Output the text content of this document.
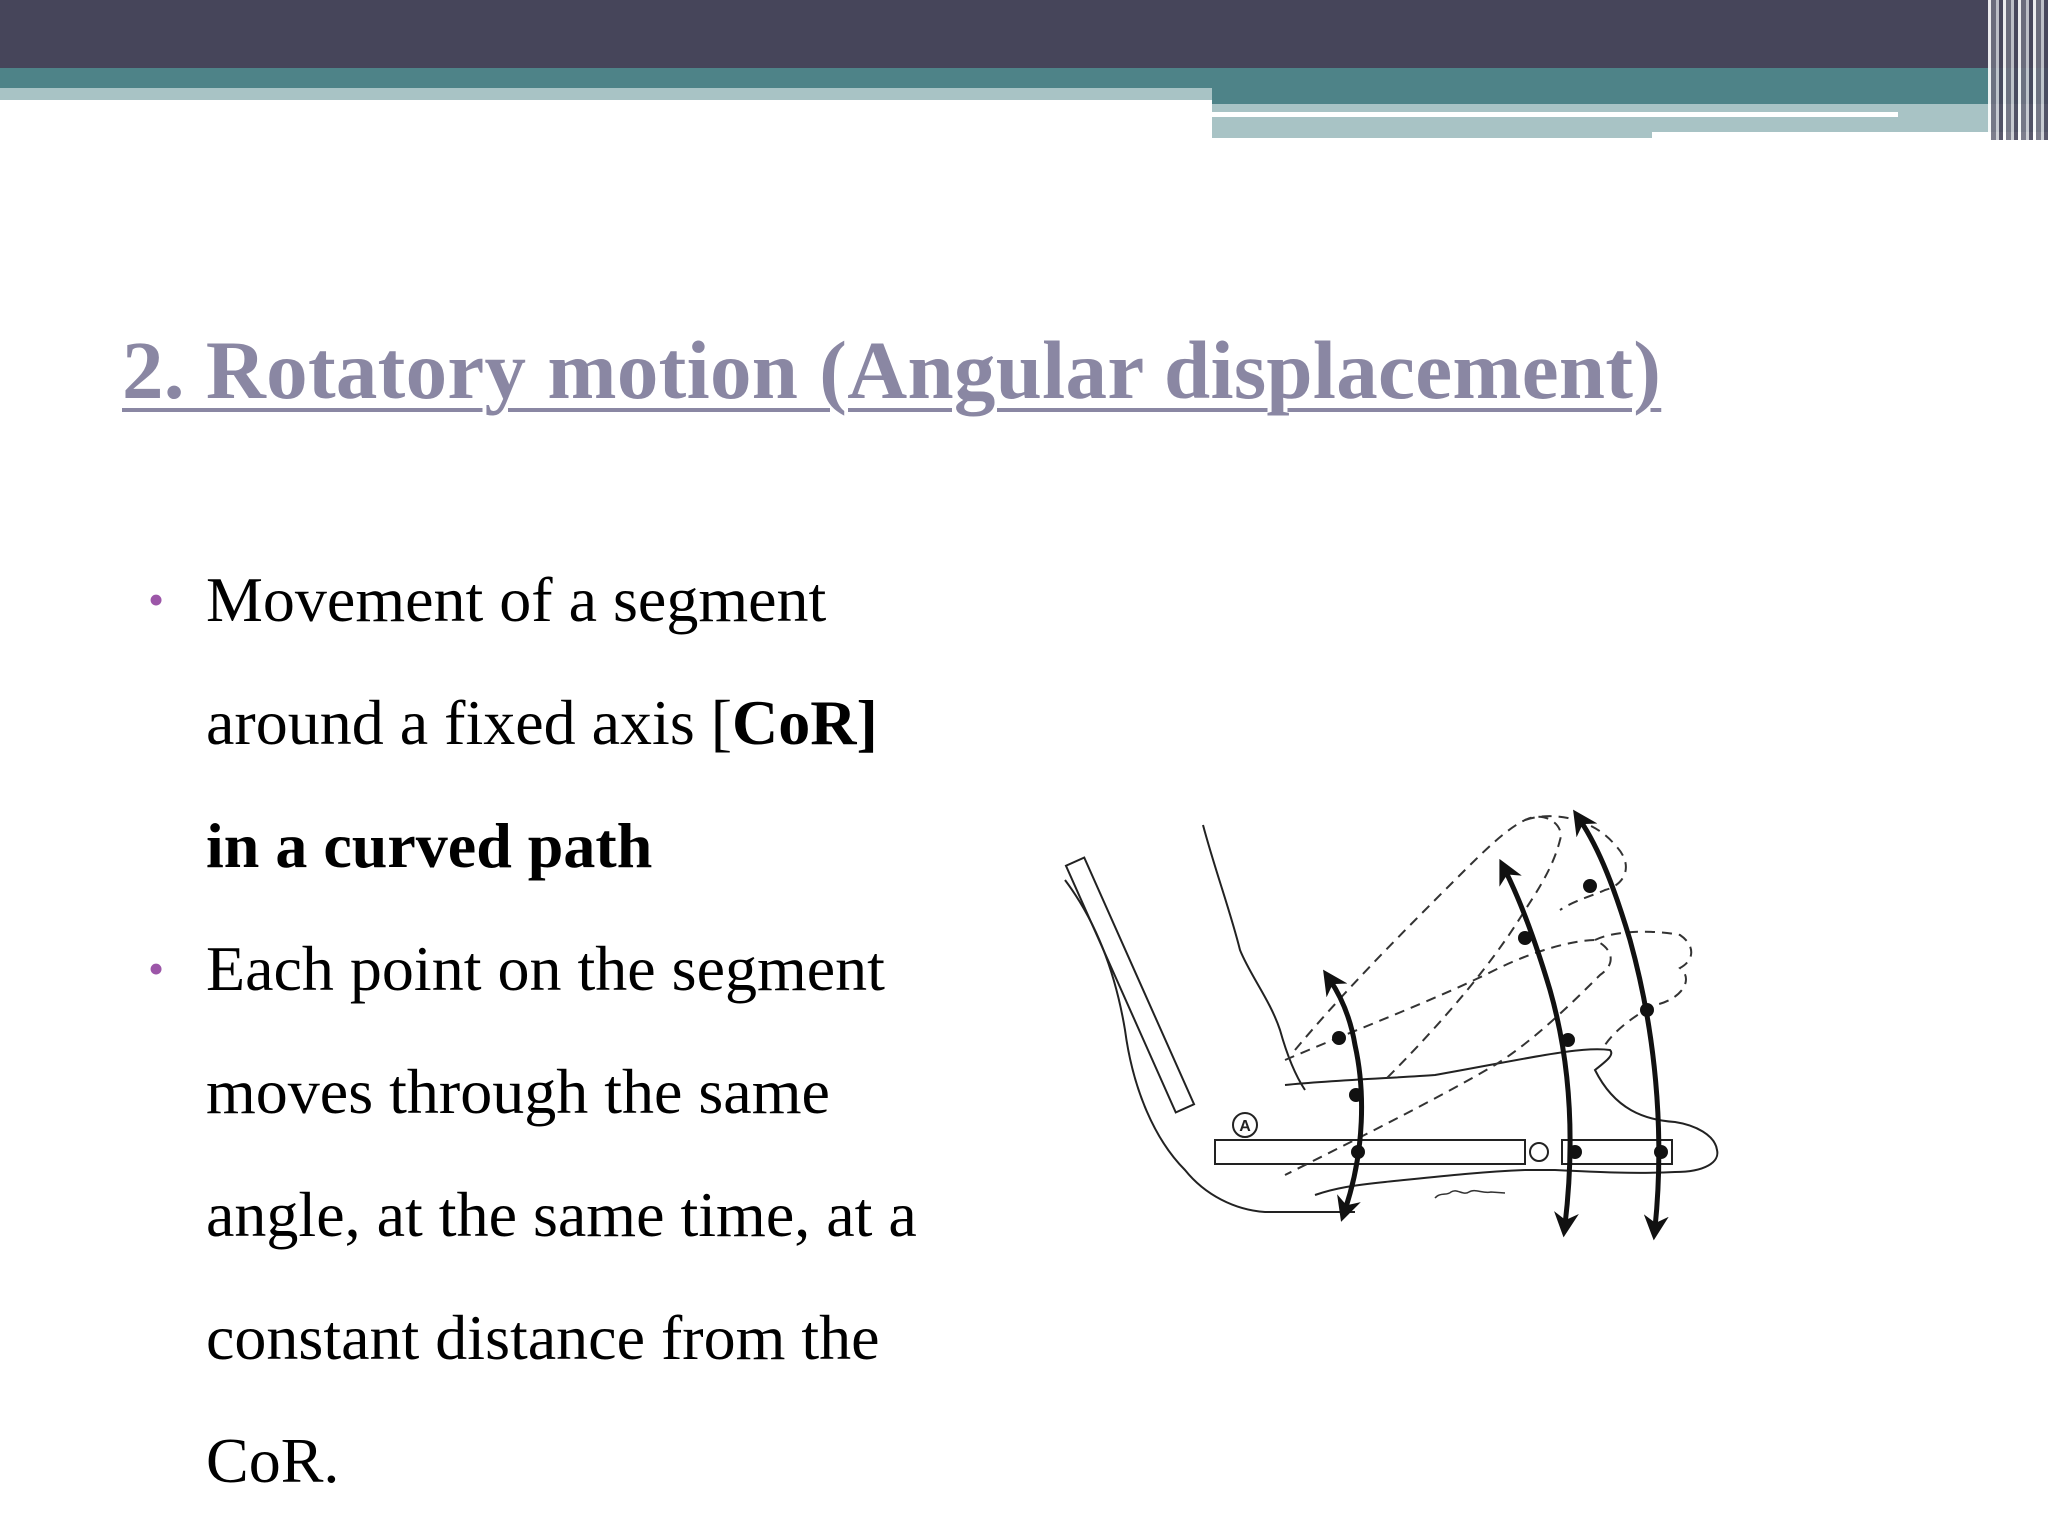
2. Rotatory motion (Angular displacement)
• Movement of a segment
around a fixed axis [CoR]
in a curved path
• Each point on the segment
moves through the same
angle, at the same time, at a
constant distance from the
CoR.
A
